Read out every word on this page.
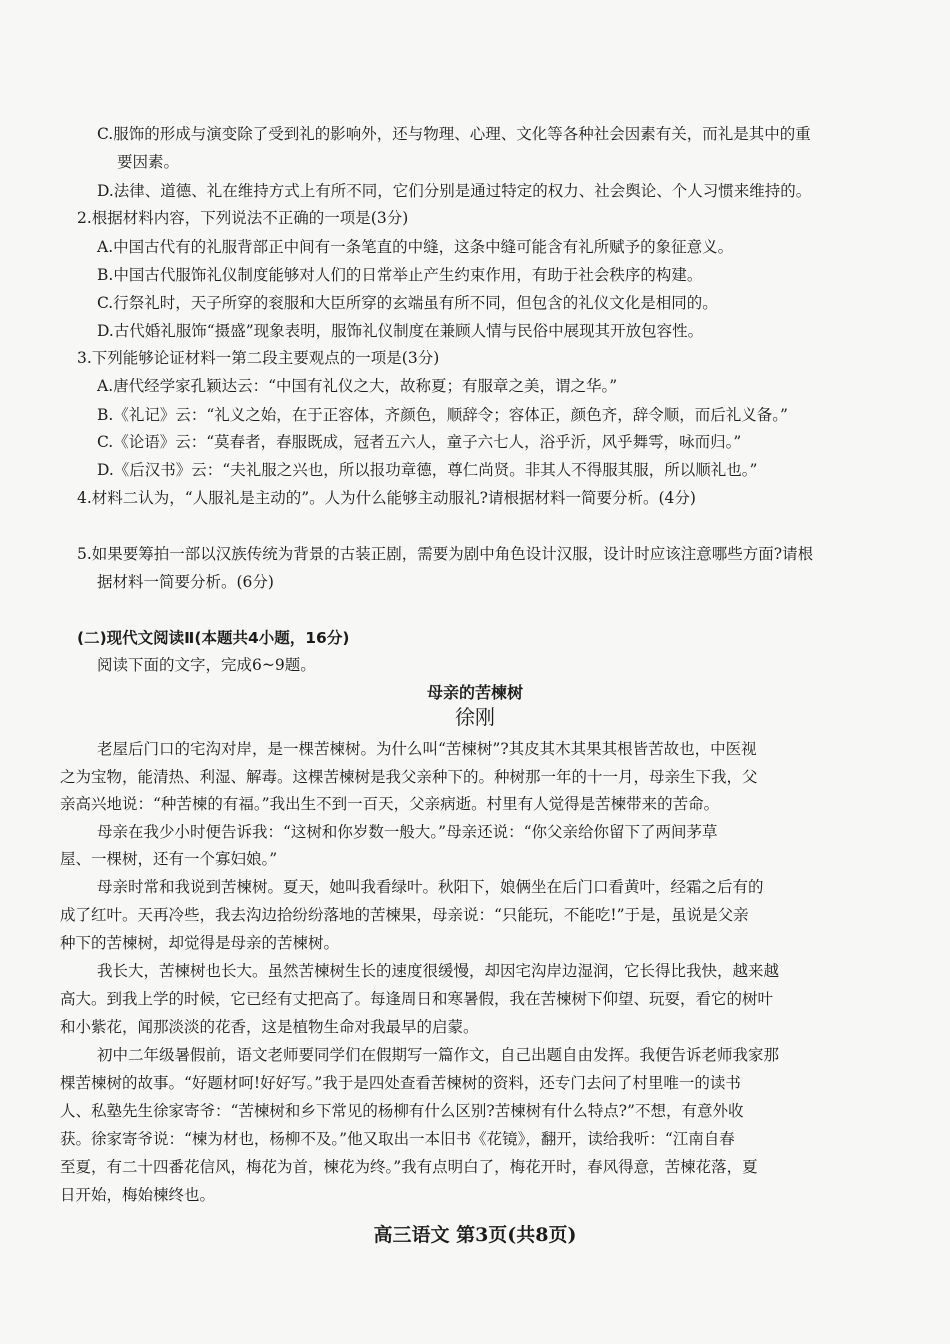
C.服饰的形成与演变除了受到礼的影响外，还与物理、心理、文化等各种社会因素有关，而礼是其中的重
要因素。
D.法律、道德、礼在维持方式上有所不同，它们分别是通过特定的权力、社会舆论、个人习惯来维持的。
2.根据材料内容，下列说法不正确的一项是(3分)
A.中国古代有的礼服背部正中间有一条笔直的中缝，这条中缝可能含有礼所赋予的象征意义。
B.中国古代服饰礼仪制度能够对人们的日常举止产生约束作用，有助于社会秩序的构建。
C.行祭礼时，天子所穿的衮服和大臣所穿的玄端虽有所不同，但包含的礼仪文化是相同的。
D.古代婚礼服饰“摄盛”现象表明，服饰礼仪制度在兼顾人情与民俗中展现其开放包容性。
3.下列能够论证材料一第二段主要观点的一项是(3分)
A.唐代经学家孔颖达云：“中国有礼仪之大，故称夏；有服章之美，谓之华。”
B.《礼记》云：“礼义之始，在于正容体，齐颜色，顺辞令；容体正，颜色齐，辞令顺，而后礼义备。”
C.《论语》云：“莫春者，春服既成，冠者五六人，童子六七人，浴乎沂，风乎舞雩，咏而归。”
D.《后汉书》云：“夫礼服之兴也，所以报功章德，尊仁尚贤。非其人不得服其服，所以顺礼也。”
4.材料二认为，“人服礼是主动的”。人为什么能够主动服礼?请根据材料一简要分析。(4分)
5.如果要筹拍一部以汉族传统为背景的古装正剧，需要为剧中角色设计汉服，设计时应该注意哪些方面?请根
据材料一简要分析。(6分)
(二)现代文阅读Ⅱ(本题共4小题，16分)
阅读下面的文字，完成6~9题。
母亲的苦楝树
徐刚
老屋后门口的宅沟对岸，是一棵苦楝树。为什么叫“苦楝树”?其皮其木其果其根皆苦故也，中医视
之为宝物，能清热、利湿、解毒。这棵苦楝树是我父亲种下的。种树那一年的十一月，母亲生下我，父
亲高兴地说：“种苦楝的有福。”我出生不到一百天，父亲病逝。村里有人觉得是苦楝带来的苦命。
母亲在我少小时便告诉我：“这树和你岁数一般大。”母亲还说：“你父亲给你留下了两间茅草
屋、一棵树，还有一个寡妇娘。”
母亲时常和我说到苦楝树。夏天，她叫我看绿叶。秋阳下，娘俩坐在后门口看黄叶，经霜之后有的
成了红叶。天再冷些，我去沟边拾纷纷落地的苦楝果，母亲说：“只能玩，不能吃!”于是，虽说是父亲
种下的苦楝树，却觉得是母亲的苦楝树。
我长大，苦楝树也长大。虽然苦楝树生长的速度很缓慢，却因宅沟岸边湿润，它长得比我快，越来越
高大。到我上学的时候，它已经有丈把高了。每逢周日和寒暑假，我在苦楝树下仰望、玩耍，看它的树叶
和小紫花，闻那淡淡的花香，这是植物生命对我最早的启蒙。
初中二年级暑假前，语文老师要同学们在假期写一篇作文，自己出题自由发挥。我便告诉老师我家那
棵苦楝树的故事。“好题材呵!好好写。”我于是四处查看苦楝树的资料，还专门去问了村里唯一的读书
人、私塾先生徐家寄爷：“苦楝树和乡下常见的杨柳有什么区别?苦楝树有什么特点?”不想，有意外收
获。徐家寄爷说：“楝为材也，杨柳不及。”他又取出一本旧书《花镜》，翻开，读给我听：“江南自春
至夏，有二十四番花信风，梅花为首，楝花为终。”我有点明白了，梅花开时，春风得意，苦楝花落，夏
日开始，梅始楝终也。
高三语文 第3页(共8页)
